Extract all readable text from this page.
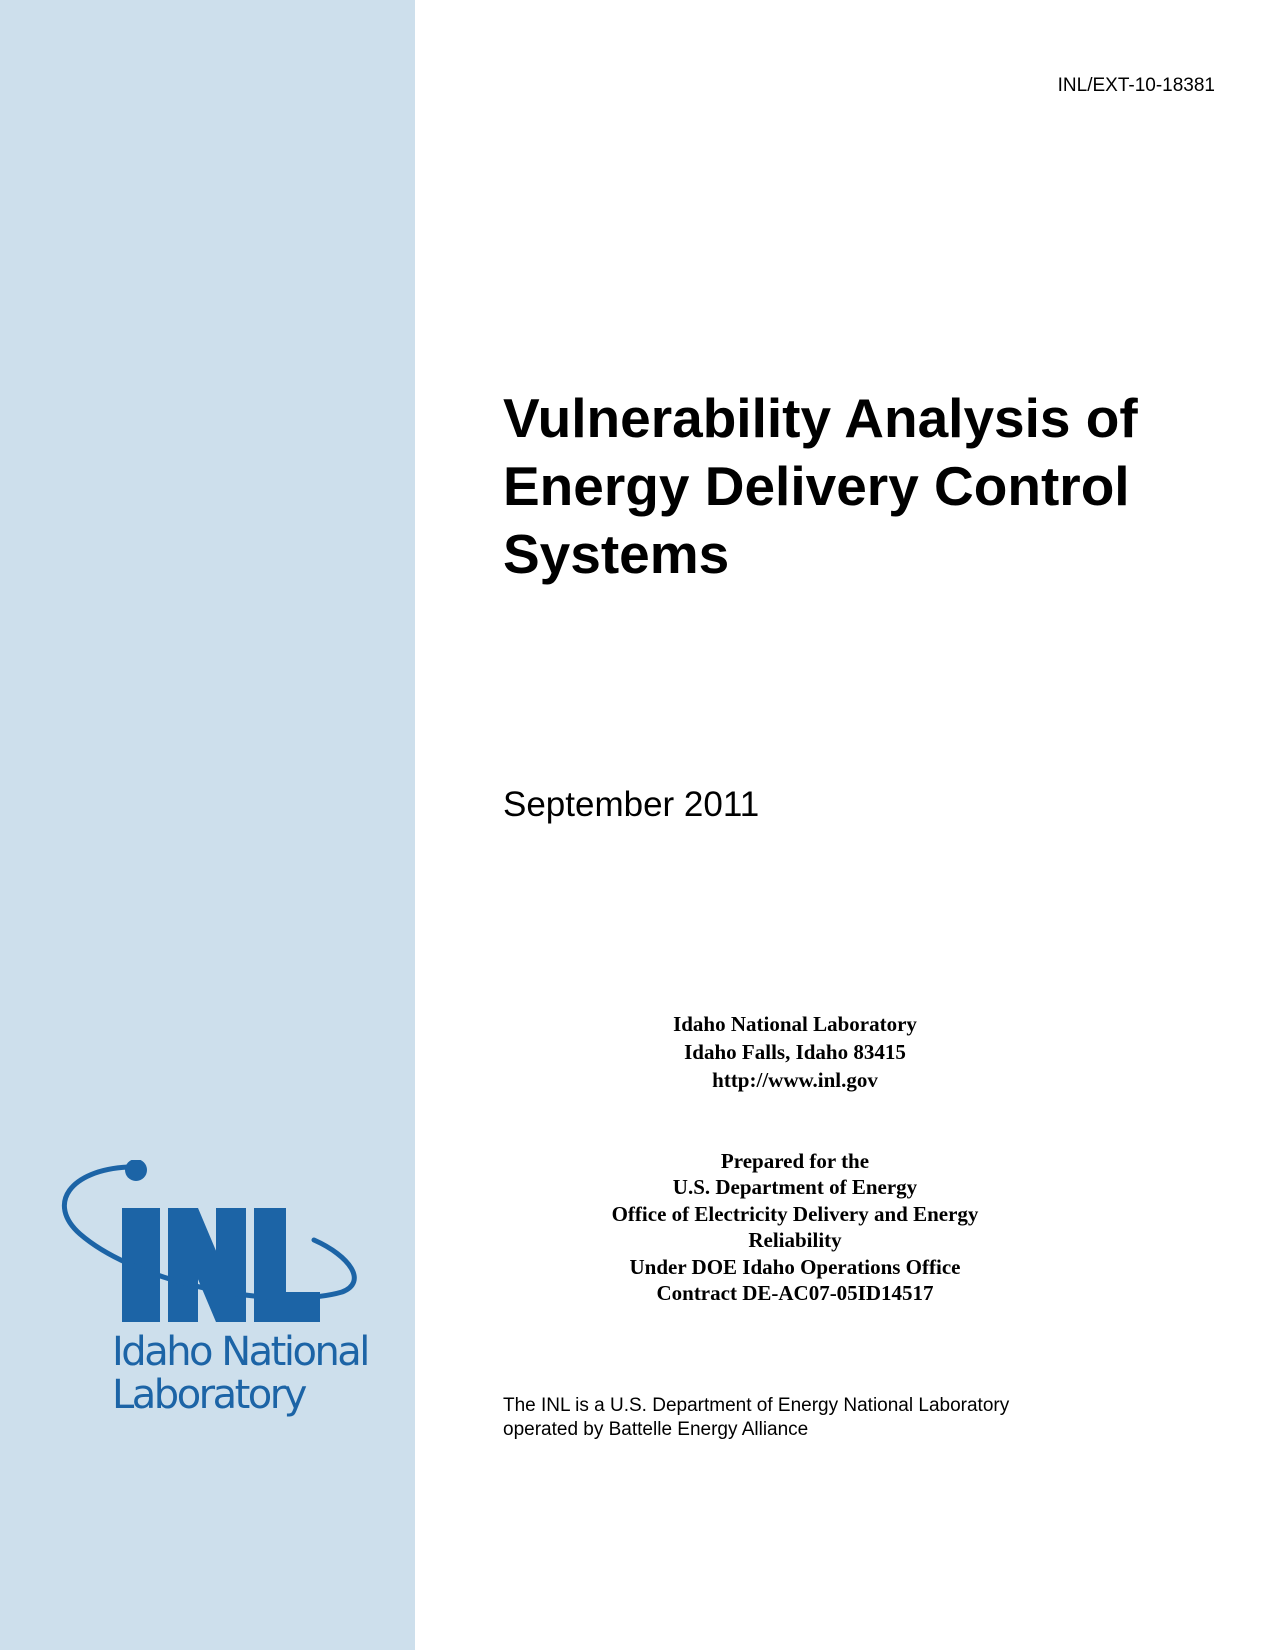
INL/EXT-10-18381
Vulnerability Analysis of
Energy Delivery Control
Systems
September 2011
Idaho National Laboratory
Idaho Falls, Idaho 83415
http://www.inl.gov
Prepared for the
U.S. Department of Energy
Office of Electricity Delivery and Energy
Reliability
Under DOE Idaho Operations Office
Contract DE-AC07-05ID14517
The INL is a U.S. Department of Energy National Laboratory
operated by Battelle Energy Alliance
Idaho National
Laboratory
